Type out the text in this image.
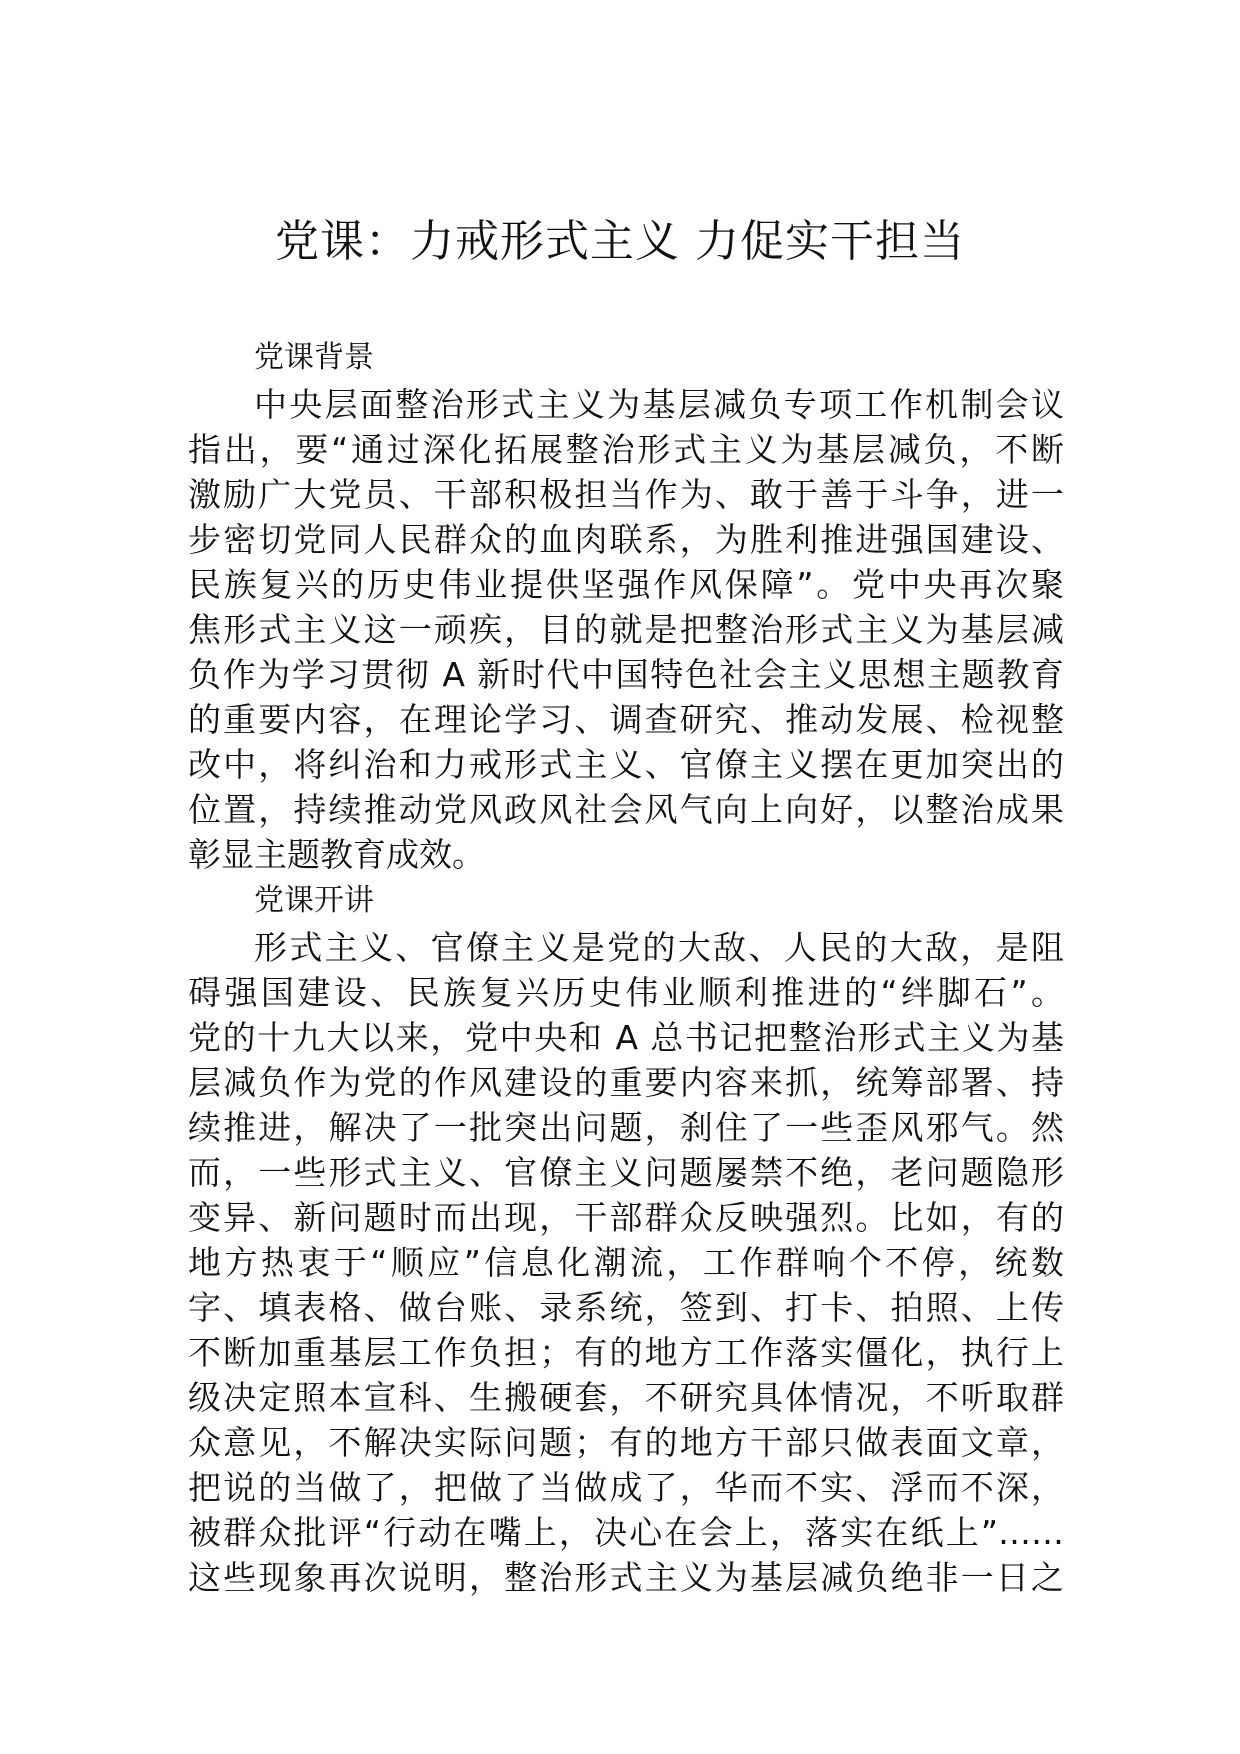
党课：力戒形式主义 力促实干担当
党课背景
中央层面整治形式主义为基层减负专项工作机制会议
指出，要“通过深化拓展整治形式主义为基层减负，不断
激励广大党员、干部积极担当作为、敢于善于斗争，进一
步密切党同人民群众的血肉联系，为胜利推进强国建设、
民族复兴的历史伟业提供坚强作风保障”。党中央再次聚
焦形式主义这一顽疾，目的就是把整治形式主义为基层减
负作为学习贯彻 A 新时代中国特色社会主义思想主题教育
的重要内容，在理论学习、调查研究、推动发展、检视整
改中，将纠治和力戒形式主义、官僚主义摆在更加突出的
位置，持续推动党风政风社会风气向上向好，以整治成果
彰显主题教育成效。
党课开讲
形式主义、官僚主义是党的大敌、人民的大敌，是阻
碍强国建设、民族复兴历史伟业顺利推进的“绊脚石”。
党的十九大以来，党中央和 A 总书记把整治形式主义为基
层减负作为党的作风建设的重要内容来抓，统筹部署、持
续推进，解决了一批突出问题，刹住了一些歪风邪气。然
而，一些形式主义、官僚主义问题屡禁不绝，老问题隐形
变异、新问题时而出现，干部群众反映强烈。比如，有的
地方热衷于“顺应”信息化潮流，工作群响个不停，统数
字、填表格、做台账、录系统，签到、打卡、拍照、上传
不断加重基层工作负担；有的地方工作落实僵化，执行上
级决定照本宣科、生搬硬套，不研究具体情况，不听取群
众意见，不解决实际问题；有的地方干部只做表面文章，
把说的当做了，把做了当做成了，华而不实、浮而不深，
被群众批评“行动在嘴上，决心在会上，落实在纸上”……
这些现象再次说明，整治形式主义为基层减负绝非一日之
